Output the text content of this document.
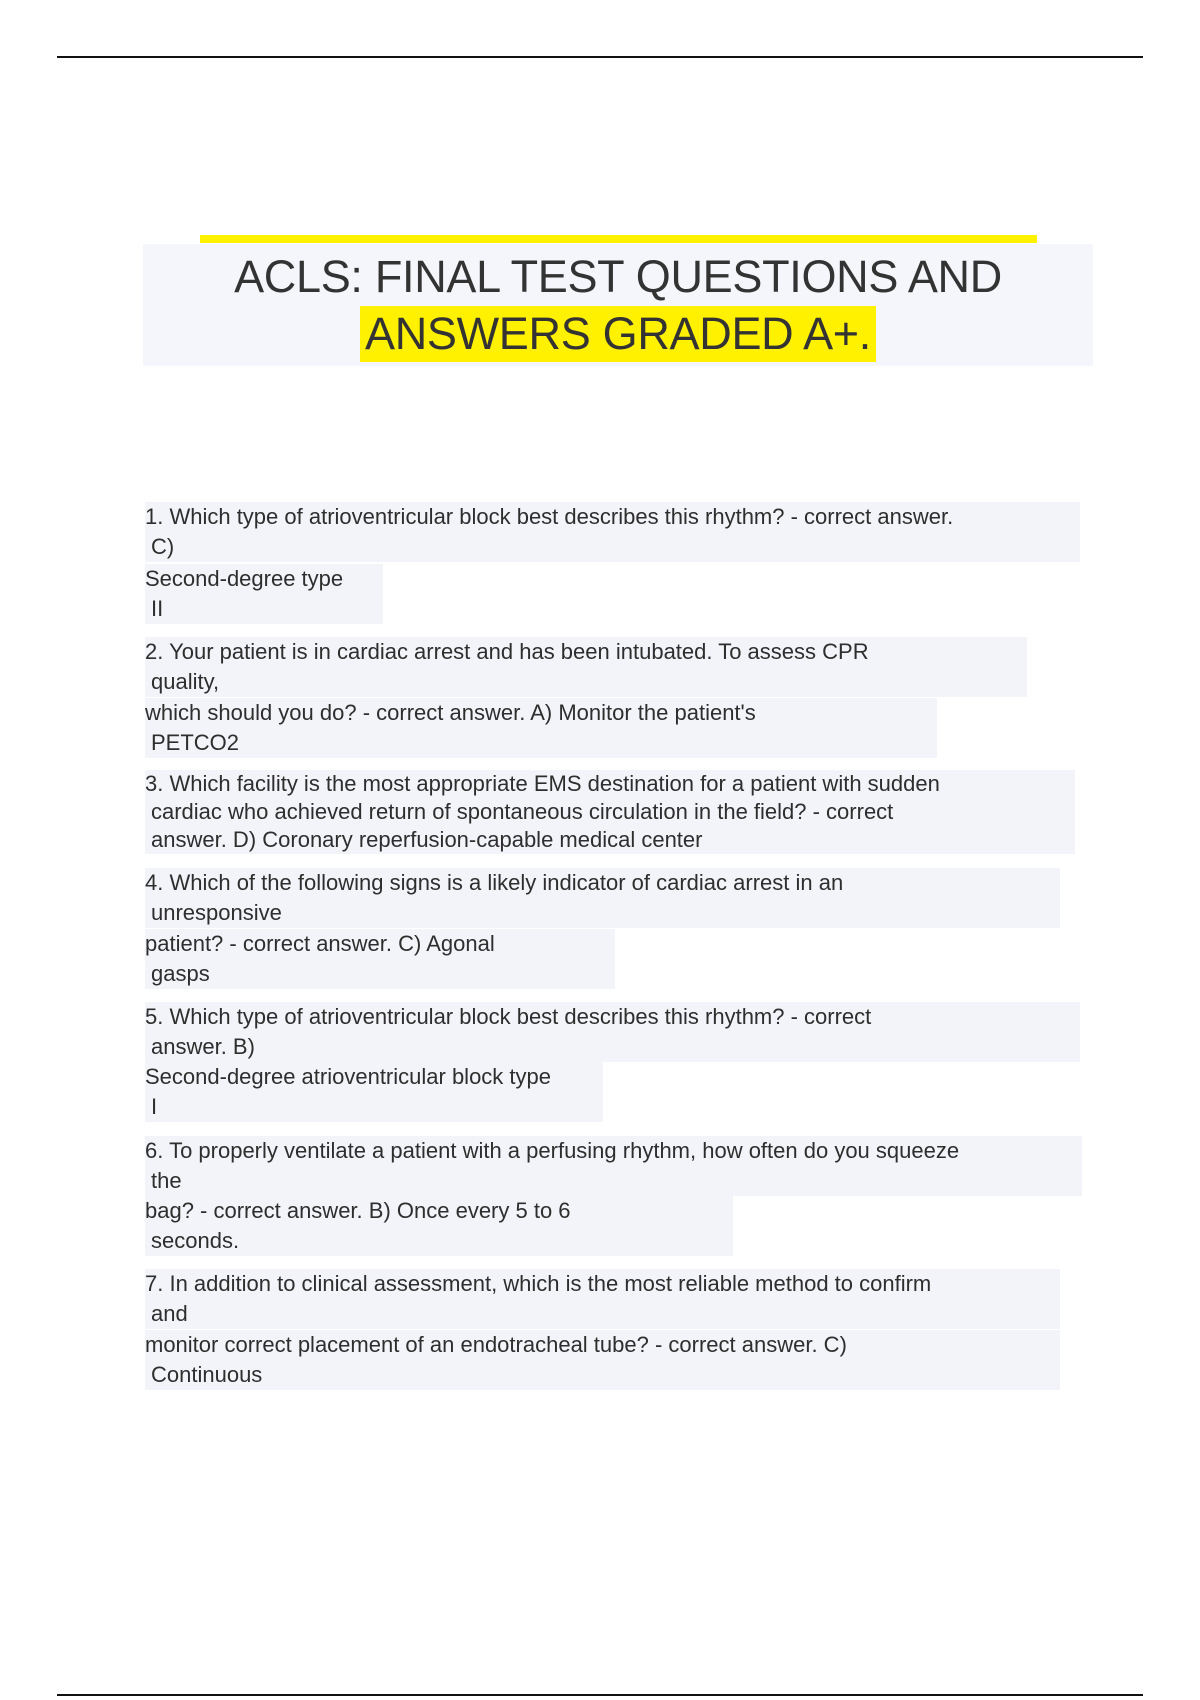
ACLS: FINAL TEST QUESTIONS AND
ANSWERS GRADED A+.
1. Which type of atrioventricular block best describes this rhythm? - correct answer.
C)
Second-degree type
II
2. Your patient is in cardiac arrest and has been intubated. To assess CPR
quality,
which should you do? - correct answer. A) Monitor the patient's
PETCO2
3. Which facility is the most appropriate EMS destination for a patient with sudden
cardiac who achieved return of spontaneous circulation in the field? - correct
answer. D) Coronary reperfusion-capable medical center
4. Which of the following signs is a likely indicator of cardiac arrest in an
unresponsive
patient? - correct answer. C) Agonal
gasps
5. Which type of atrioventricular block best describes this rhythm? - correct
answer. B)
Second-degree atrioventricular block type
I
6. To properly ventilate a patient with a perfusing rhythm, how often do you squeeze
the
bag? - correct answer. B) Once every 5 to 6
seconds.
7. In addition to clinical assessment, which is the most reliable method to confirm
and
monitor correct placement of an endotracheal tube? - correct answer. C)
Continuous
